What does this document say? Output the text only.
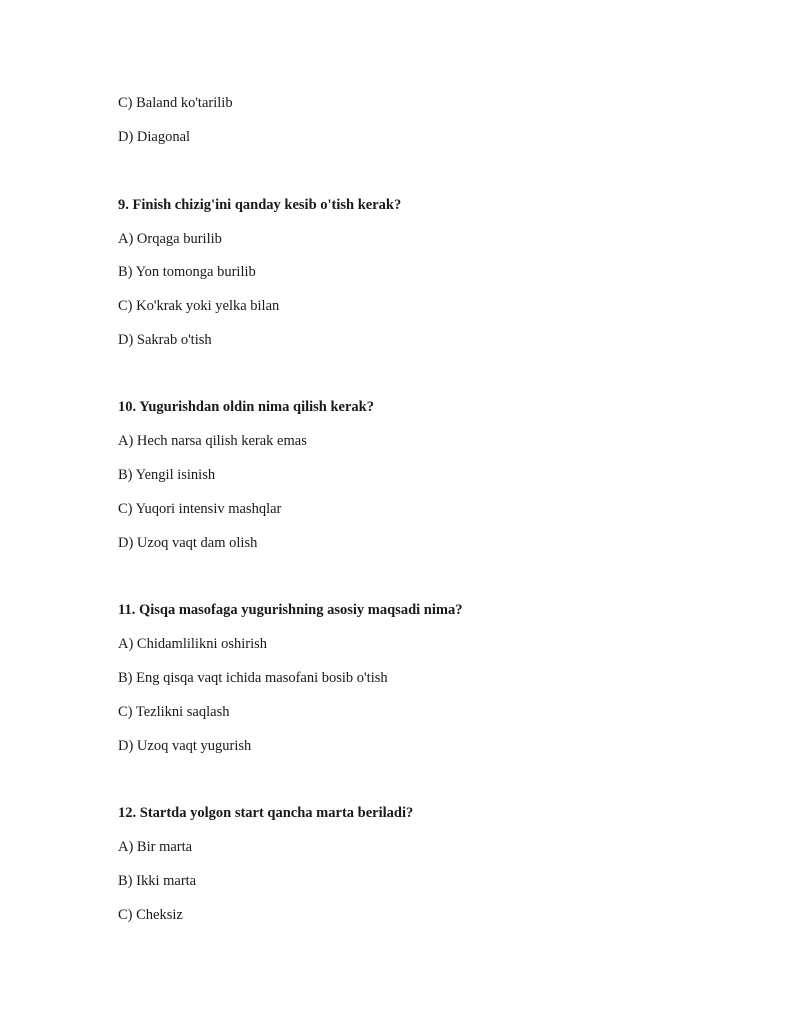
C) Baland ko'tarilib
D) Diagonal
9. Finish chizig'ini qanday kesib o'tish kerak?
A) Orqaga burilib
B) Yon tomonga burilib
C) Ko'krak yoki yelka bilan
D) Sakrab o'tish
10. Yugurishdan oldin nima qilish kerak?
A) Hech narsa qilish kerak emas
B) Yengil isinish
C) Yuqori intensiv mashqlar
D) Uzoq vaqt dam olish
11. Qisqa masofaga yugurishning asosiy maqsadi nima?
A) Chidamlilikni oshirish
B) Eng qisqa vaqt ichida masofani bosib o'tish
C) Tezlikni saqlash
D) Uzoq vaqt yugurish
12. Startda yolgon start qancha marta beriladi?
A) Bir marta
B) Ikki marta
C) Cheksiz
